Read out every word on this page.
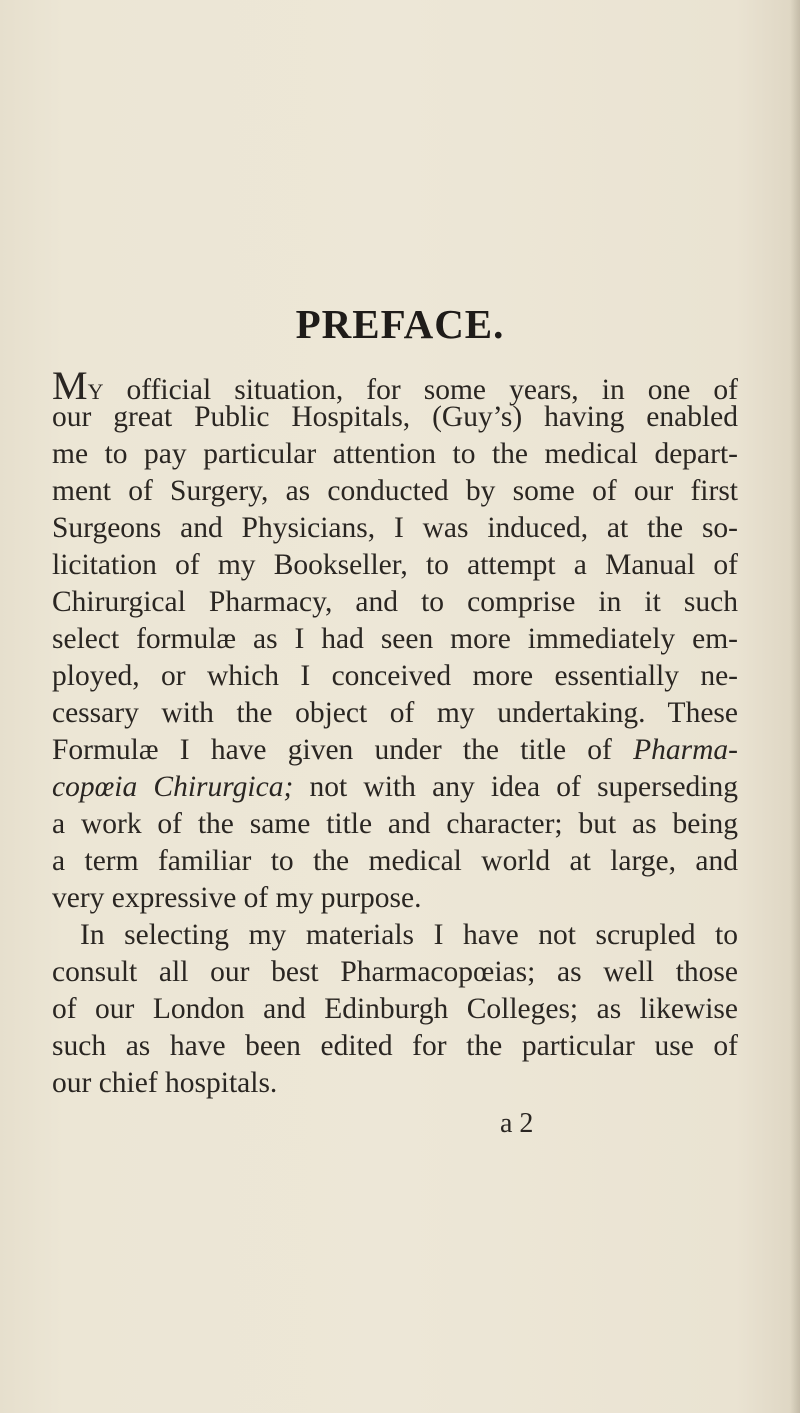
PREFACE.
MY official situation, for some years, in one of
our great Public Hospitals, (Guy’s) having enabled
me to pay particular attention to the medical depart-
ment of Surgery, as conducted by some of our first
Surgeons and Physicians, I was induced, at the so-
licitation of my Bookseller, to attempt a Manual of
Chirurgical Pharmacy, and to comprise in it such
select formulæ as I had seen more immediately em-
ployed, or which I conceived more essentially ne-
cessary with the object of my undertaking. These
Formulæ I have given under the title of Pharma-
copœia Chirurgica; not with any idea of superseding
a work of the same title and character; but as being
a term familiar to the medical world at large, and
very expressive of my purpose.
In selecting my materials I have not scrupled to
consult all our best Pharmacopœias; as well those
of our London and Edinburgh Colleges; as likewise
such as have been edited for the particular use of
our chief hospitals.
a 2
